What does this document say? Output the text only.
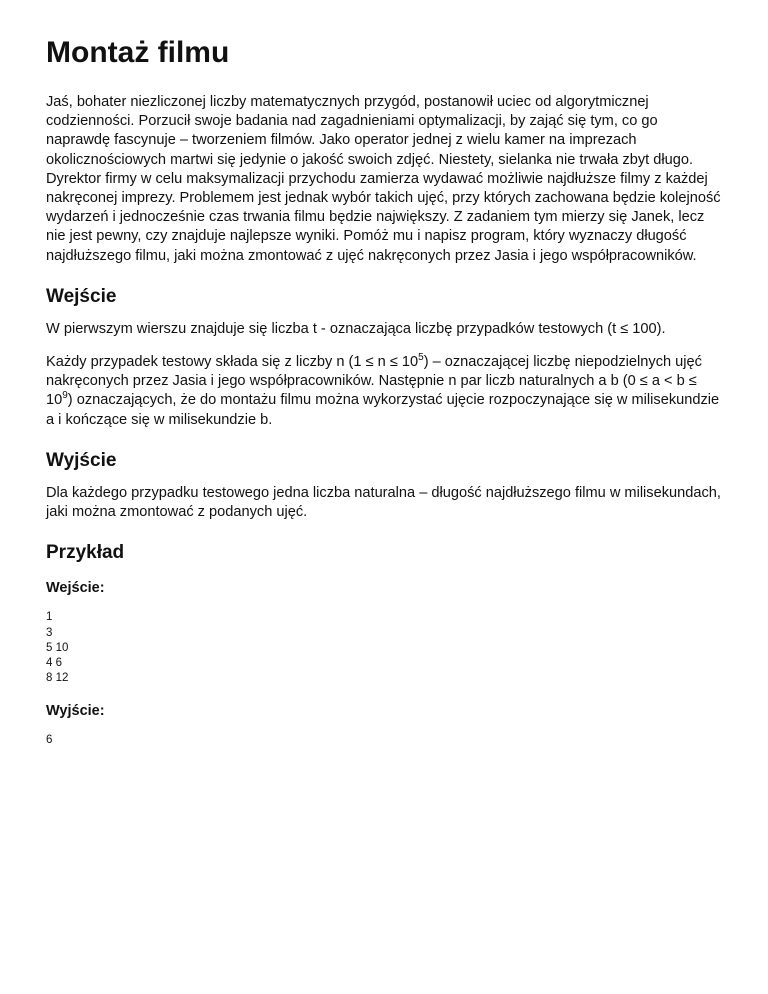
Montaż filmu

Jaś, bohater niezliczonej liczby matematycznych przygód, postanowił uciec od algorytmicznej codzienności. Porzucił swoje badania nad zagadnieniami optymalizacji, by zająć się tym, co go naprawdę fascynuje – tworzeniem filmów. Jako operator jednej z wielu kamer na imprezach okolicznościowych martwi się jedynie o jakość swoich zdjęć. Niestety, sielanka nie trwała zbyt długo. Dyrektor firmy w celu maksymalizacji przychodu zamierza wydawać możliwie najdłuższe filmy z każdej nakręconej imprezy. Problemem jest jednak wybór takich ujęć, przy których zachowana będzie kolejność wydarzeń i jednocześnie czas trwania filmu będzie największy. Z zadaniem tym mierzy się Janek, lecz nie jest pewny, czy znajduje najlepsze wyniki. Pomóż mu i napisz program, który wyznaczy długość najdłuższego filmu, jaki można zmontować z ujęć nakręconych przez Jasia i jego współpracowników.

Wejście

W pierwszym wierszu znajduje się liczba t - oznaczająca liczbę przypadków testowych (t ≤ 100).

Każdy przypadek testowy składa się z liczby n $(1 \le n \le 10^5)$ – oznaczającej liczbę niepodzielnych ujęć nakręconych przez Jasia i jego współpracowników. Następnie n par liczb naturalnych a b $(0 \le a < b \le 10^9)$ oznaczających, że do montażu filmu można wykorzystać ujęcie rozpoczynające się w milisekundzie a i kończące się w milisekundzie b.

Wyjście

Dla każdego przypadku testowego jedna liczba naturalna – długość najdłuższego filmu w milisekundach, jaki można zmontować z podanych ujęć.

Przykład
Wejście:
1
3
5 10
4 6
8 12
Wyjście:
6
